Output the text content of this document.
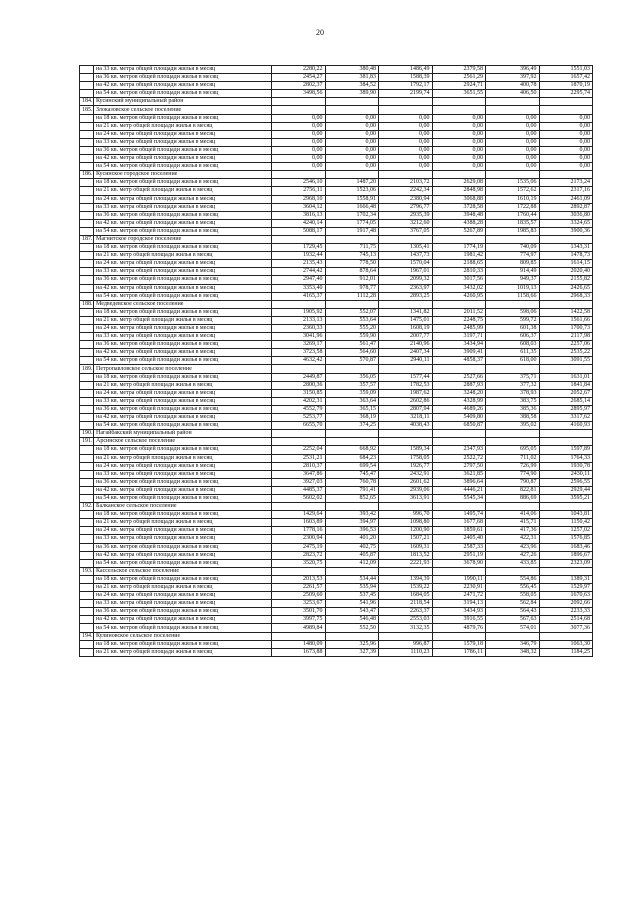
20
	на 33 кв. метра общей площади жилья в месяц	2280,22	380,48	1486,49	2379,58	396,49	1551,03
	на 36 кв. метров общей площади жилья в месяц	2454,27	381,83	1588,39	2561,29	397,92	1657,42
	на 42 кв. метра общей площади жилья в месяц	2802,37	384,52	1792,17	2924,71	400,78	1870,19
	на 54 кв. метров общей площади жилья в месяц	3498,56	389,90	2199,74	3651,55	406,50	2295,74
184.	Кусинский муниципальный район						
185.	Злоказовское сельское поселение						
	на 18 кв. метров общей площади жилья в месяц	0,00	0,00	0,00	0,00	0,00	0,00
	на 21 кв. метр общей площади жилья в месяц	0,00	0,00	0,00	0,00	0,00	0,00
	на 24 кв. метра общей площади жилья в месяц	0,00	0,00	0,00	0,00	0,00	0,00
	на 33 кв. метра общей площади жилья в месяц	0,00	0,00	0,00	0,00	0,00	0,00
	на 36 кв. метров общей площади жилья в месяц	0,00	0,00	0,00	0,00	0,00	0,00
	на 42 кв. метра общей площади жилья в месяц	0,00	0,00	0,00	0,00	0,00	0,00
	на 54 кв. метров общей площади жилья в месяц	0,00	0,00	0,00	0,00	0,00	0,00
186.	Кусинское городское поселение						
	на 18 кв. метров общей площади жилья в месяц	2546,10	1487,20	2103,72	2629,08	1535,06	2173,24
	на 21 кв. метр общей площади жилья в месяц	2756,11	1523,06	2242,34	2848,98	1572,62	2317,16
	на 24 кв. метра общей площади жилья в месяц	2968,10	1558,91	2380,94	3068,88	1610,19	2461,09
	на 33 кв. метра общей площади жилья в месяц	3604,12	1666,48	2796,77	3728,58	1722,88	2892,87
	на 36 кв. метров общей площади жилья в месяц	3816,13	1702,34	2935,39	3948,48	1760,44	3036,80
	на 42 кв. метра общей площади жилья в месяц	4240,14	1774,05	3212,60	4388,28	1835,57	3324,65
	на 54 кв. метров общей площади жилья в месяц	5088,17	1917,48	3767,05	5267,89	1985,83	3900,36
187.	Магнитское городское поселение						
	на 18 кв. метров общей площади жилья в месяц	1729,45	711,75	1305,41	1774,19	740,09	1343,31
	на 21 кв. метр общей площади жилья в месяц	1932,44	745,13	1437,73	1981,42	774,97	1478,73
	на 24 кв. метра общей площади жилья в месяц	2135,43	778,50	1570,04	2188,65	809,85	1614,15
	на 33 кв. метра общей площади жилья в месяц	2744,42	878,64	1967,01	2810,33	914,49	2020,40
	на 36 кв. метров общей площади жилья в месяц	2947,40	912,01	2099,32	3017,56	949,37	2155,82
	на 42 кв. метра общей площади жилья в месяц	3353,40	978,77	2363,97	3432,02	1019,13	2426,65
	на 54 кв. метров общей площади жилья в месяц	4165,37	1112,28	2893,25	4260,95	1158,66	2968,33
188.	Медведевское сельское поселение						
	на 18 кв. метров общей площади жилья в месяц	1905,92	552,07	1341,82	2011,52	598,06	1422,58
	на 21 кв. метр общей площади жилья в месяц	2133,13	553,64	1475,01	2248,75	599,72	1561,66
	на 24 кв. метра общей площади жилья в месяц	2360,33	555,20	1608,19	2485,99	601,38	1700,73
	на 33 кв. метра общей площади жилья в месяц	3041,96	559,90	2007,77	3197,71	606,37	2117,98
	на 36 кв. метров общей площади жилья в месяц	3269,17	561,47	2140,96	3434,94	608,03	2257,06
	на 42 кв. метра общей площади жилья в месяц	3723,58	564,60	2407,34	3909,41	611,35	2535,22
	на 54 кв. метров общей площади жилья в месяц	4632,42	570,87	2940,11	4858,37	618,00	3091,55
189.	Петропавловское сельское поселение						
	на 18 кв. метров общей площади жилья в месяц	2449,87	356,05	1577,44	2527,66	375,71	1631,01
	на 21 кв. метр общей площади жилья в месяц	2800,36	357,57	1782,53	2887,93	377,32	1841,84
	на 24 кв. метра общей площади жилья в месяц	3150,85	359,09	1987,62	3248,20	378,93	2052,67
	на 33 кв. метра общей площади жилья в месяц	4202,31	363,64	2602,86	4328,99	383,75	2685,14
	на 36 кв. метров общей площади жилья в месяц	4552,79	365,15	2807,94	4689,26	385,36	2895,97
	на 42 кв. метра общей площади жилья в месяц	5253,77	368,19	3218,11	5409,80	388,58	3317,62
	на 54 кв. метров общей площади жилья в месяц	6655,70	374,25	4038,43	6850,87	395,02	4160,93
190.	Нагайбакский муниципальный район						
191.	Арсинское сельское поселение						
	на 18 кв. метров общей площади жилья в месяц	2252,04	668,92	1589,34	2347,93	695,05	1597,89
	на 21 кв. метр общей площади жилья в месяц	2531,21	684,23	1758,05	2522,72	711,02	1764,33
	на 24 кв. метра общей площади жилья в месяц	2810,37	699,54	1926,77	2797,50	726,99	1930,78
	на 33 кв. метра общей площади жилья в месяц	3647,86	745,47	2432,91	3621,85	774,90	2430,11
	на 36 кв. метров общей площади жилья в месяц	3927,03	760,78	2601,62	3896,64	790,87	2596,55
	на 42 кв. метра общей площади жилья в месяц	4485,37	791,41	2939,06	4446,21	822,81	2929,44
	на 54 кв. метров общей площади жилья в месяц	5602,02	852,65	3613,91	5545,34	886,69	3595,21
192.	Балканское сельское поселение						
	на 18 кв. метров общей площади жилья в месяц	1429,64	393,42	996,70	1495,74	414,06	1043,81
	на 21 кв. метр общей площади жилья в месяц	1603,89	394,97	1098,80	1677,68	415,71	1150,42
	на 24 кв. метра общей площади жилья в месяц	1778,16	396,53	1200,90	1859,61	417,36	1257,02
	на 33 кв. метра общей площади жилья в месяц	2300,94	401,20	1507,21	2405,40	422,31	1576,85
	на 36 кв. метров общей площади жилья в месяц	2475,19	402,75	1609,31	2587,33	423,96	1683,46
	на 42 кв. метра общей площади жилья в месяц	2823,72	405,87	1813,52	2951,19	427,26	1896,67
	на 54 кв. метров общей площади жилья в месяц	3520,75	412,09	2221,93	3678,90	433,85	2323,09
193.	Кассельское сельское поселение						
	на 18 кв. метров общей площади жилья в месяц	2013,53	534,44	1394,39	1990,11	554,86	1389,31
	на 21 кв. метр общей площади жилья в месяц	2261,57	535,94	1539,22	2230,91	556,45	1529,97
	на 24 кв. метра общей площади жилья в месяц	2509,60	537,45	1684,05	2471,72	558,05	1670,63
	на 33 кв. метра общей площади жилья в месяц	3253,67	541,96	2118,54	3194,13	562,84	2092,66
	на 36 кв. метров общей площади жилья в месяц	3501,70	543,47	2263,37	3434,93	564,43	2233,33
	на 42 кв. метра общей площади жилья в месяц	3997,75	546,48	2553,03	3916,55	567,63	2514,68
	на 54 кв. метров общей площади жилья в месяц	4989,84	552,50	3132,35	4879,76	574,01	3077,36
194.	Кулиновское сельское поселение						
	на 18 кв. метров общей площади жилья в месяц	1480,09	325,96	996,87	1579,18	346,79	1063,30
	на 21 кв. метр общей площади жилья в месяц	1673,88	327,39	1110,23	1786,11	348,32	1184,25
